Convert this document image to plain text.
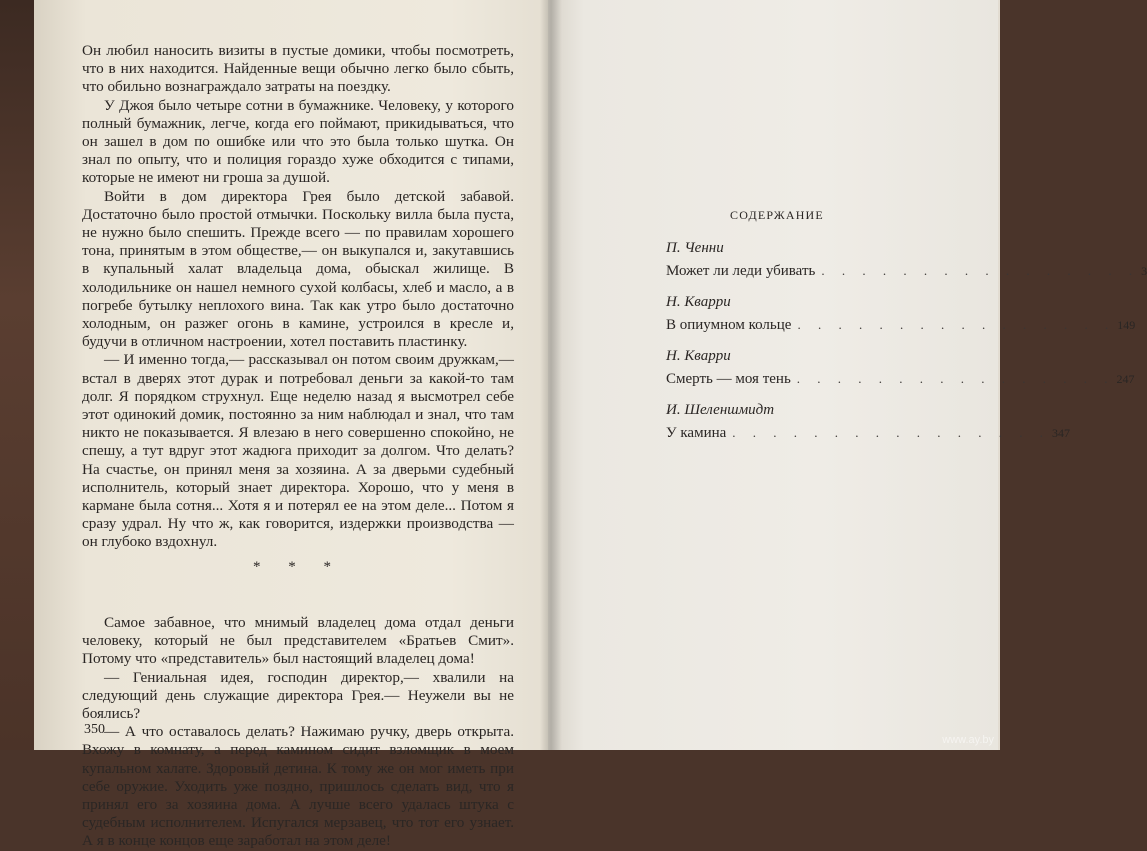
Он любил наносить визиты в пустые домики, чтобы посмотреть, что в них находится. Найденные вещи обычно легко было сбыть, что обильно вознаграждало затраты на поездку.

У Джоя было четыре сотни в бумажнике. Человеку, у которого полный бумажник, легче, когда его поймают, прикидываться, что он зашел в дом по ошибке или что это была только шутка. Он знал по опыту, что и полиция гораздо хуже обходится с типами, которые не имеют ни гроша за душой.

Войти в дом директора Грея было детской забавой. Достаточно было простой отмычки. Поскольку вилла была пуста, не нужно было спешить. Прежде всего — по правилам хорошего тона, принятым в этом обществе,— он выкупался и, закутавшись в купальный халат владельца дома, обыскал жилище. В холодильнике он нашел немного сухой колбасы, хлеб и масло, а в погребе бутылку неплохого вина. Так как утро было достаточно холодным, он разжег огонь в камине, устроился в кресле и, будучи в отличном настроении, хотел поставить пластинку.

— И именно тогда,— рассказывал он потом своим дружкам,— встал в дверях этот дурак и потребовал деньги за какой-то там долг. Я порядком струхнул. Еще неделю назад я высмотрел себе этот одинокий домик, постоянно за ним наблюдал и знал, что там никто не показывается. Я влезаю в него совершенно спокойно, не спешу, а тут вдруг этот жадюга приходит за долгом. Что делать? На счастье, он принял меня за хозяина. А за дверьми судебный исполнитель, который знает директора. Хорошо, что у меня в кармане была сотня... Хотя я и потерял ее на этом деле... Потом я сразу удрал. Ну что ж, как говорится, издержки производства — он глубоко вздохнул.

* * *

Самое забавное, что мнимый владелец дома отдал деньги человеку, который не был представителем «Братьев Смит». Потому что «представитель» был настоящий владелец дома!

— Гениальная идея, господин директор,— хвалили на следующий день служащие директора Грея.— Неужели вы не боялись?

— А что оставалось делать? Нажимаю ручку, дверь открыта. Вхожу в комнату, а перед камином сидит взломщик в моем купальном халате. Здоровый детина. К тому же он мог иметь при себе оружие. Уходить уже поздно, пришлось сделать вид, что я принял его за хозяина дома. А лучше всего удалась штука с судебным исполнителем. Испугался мерзавец, что тот его узнает. А я в конце концов еще заработал на этом деле!

350
СОДЕРЖАНИЕ
П. Ченни
Может ли леди убивать . . . . . . . . . . . . . . . . 3
Н. Кварри
В опиумном кольце . . . . . . . . . . . . . . . . 149
Н. Кварри
Смерть — моя тень . . . . . . . . . . . . . . . . 247
И. Шеленшмидт
У камина . . . . . . . . . . . . . . . . 347
www.ay.by
